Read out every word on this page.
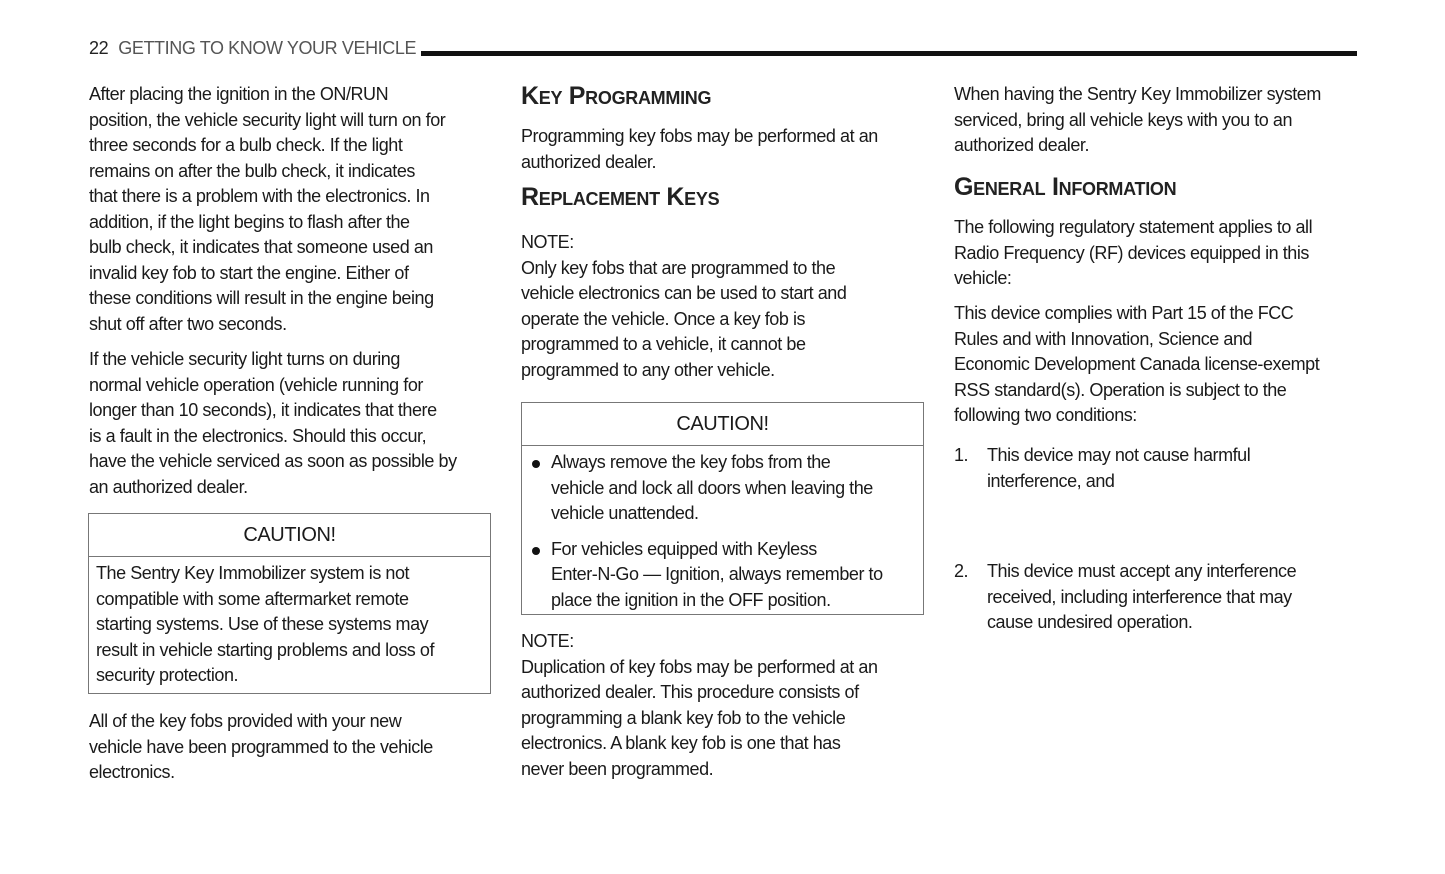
22 GETTING TO KNOW YOUR VEHICLE
After placing the ignition in the ON/RUN
position, the vehicle security light will turn on for
three seconds for a bulb check. If the light
remains on after the bulb check, it indicates
that there is a problem with the electronics. In
addition, if the light begins to flash after the
bulb check, it indicates that someone used an
invalid key fob to start the engine. Either of
these conditions will result in the engine being
shut off after two seconds.
If the vehicle security light turns on during
normal vehicle operation (vehicle running for
longer than 10 seconds), it indicates that there
is a fault in the electronics. Should this occur,
have the vehicle serviced as soon as possible by
an authorized dealer.
CAUTION!
The Sentry Key Immobilizer system is not
compatible with some aftermarket remote
starting systems. Use of these systems may
result in vehicle starting problems and loss of
security protection.
All of the key fobs provided with your new
vehicle have been programmed to the vehicle
electronics.
Key Programming
Programming key fobs may be performed at an
authorized dealer.
Replacement Keys
NOTE:
Only key fobs that are programmed to the
vehicle electronics can be used to start and
operate the vehicle. Once a key fob is
programmed to a vehicle, it cannot be
programmed to any other vehicle.
CAUTION!
Always remove the key fobs from the
vehicle and lock all doors when leaving the
vehicle unattended.
For vehicles equipped with Keyless
Enter-N-Go — Ignition, always remember to
place the ignition in the OFF position.
NOTE:
Duplication of key fobs may be performed at an
authorized dealer. This procedure consists of
programming a blank key fob to the vehicle
electronics. A blank key fob is one that has
never been programmed.
When having the Sentry Key Immobilizer system
serviced, bring all vehicle keys with you to an
authorized dealer.
General Information
The following regulatory statement applies to all
Radio Frequency (RF) devices equipped in this
vehicle:
This device complies with Part 15 of the FCC
Rules and with Innovation, Science and
Economic Development Canada license-exempt
RSS standard(s). Operation is subject to the
following two conditions:
1. This device may not cause harmful
interference, and
2. This device must accept any interference
received, including interference that may
cause undesired operation.
